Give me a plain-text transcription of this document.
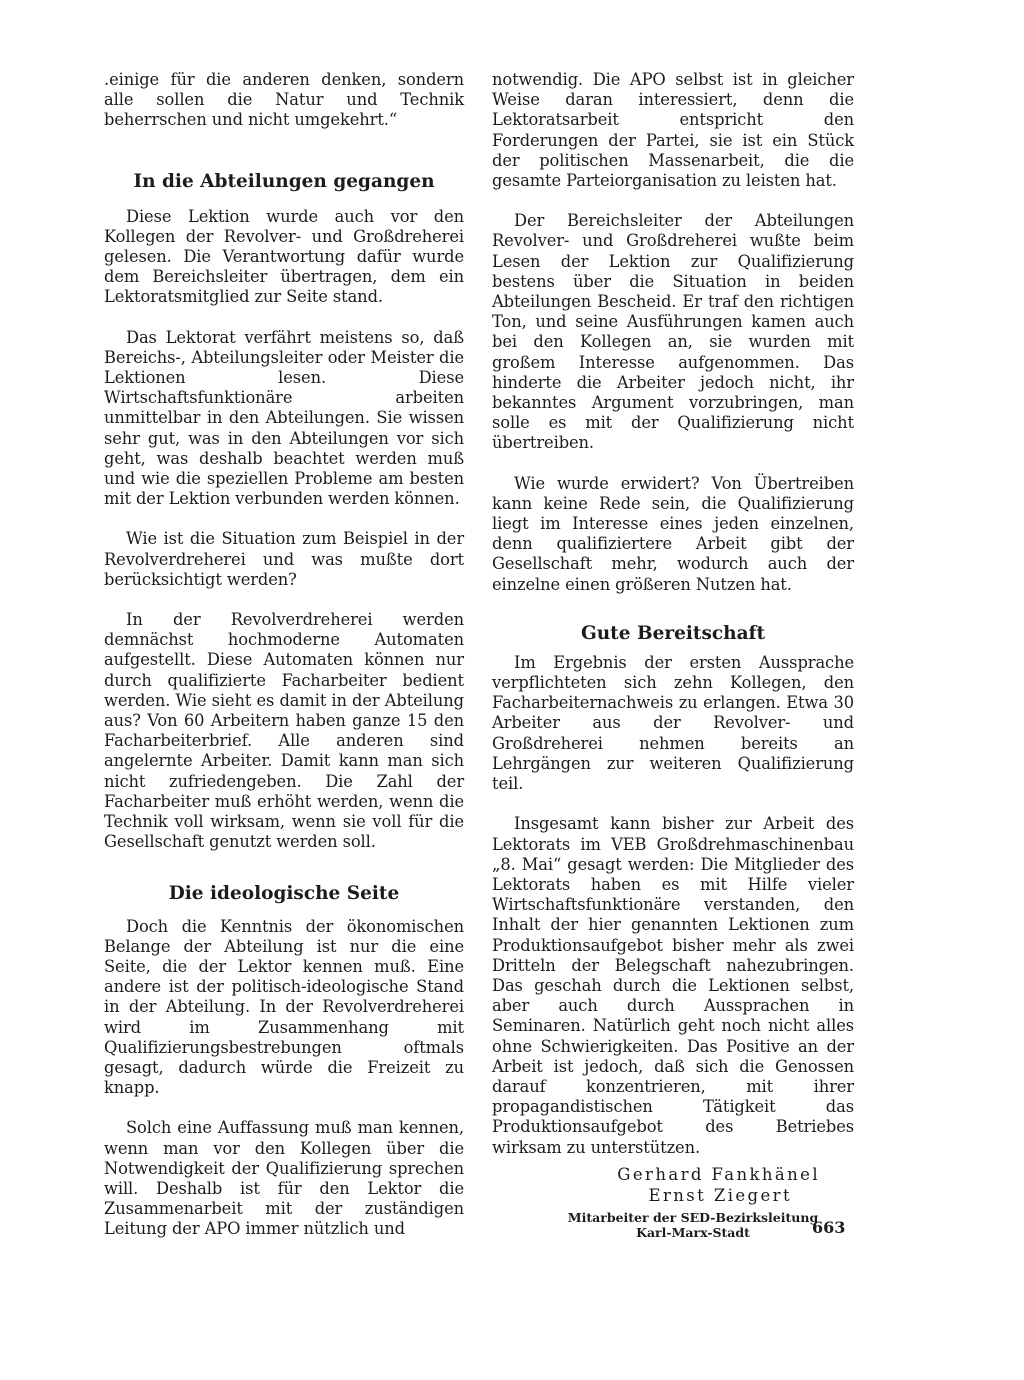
.einige für die anderen denken, sondern alle sollen die Natur und Technik beherrschen und nicht umgekehrt.“

In die Abteilungen gegangen

Diese Lektion wurde auch vor den Kollegen der Revolver- und Großdreherei gelesen. Die Verantwortung dafür wurde dem Bereichsleiter übertragen, dem ein Lektoratsmitglied zur Seite stand.

Das Lektorat verfährt meistens so, daß Bereichs-, Abteilungsleiter oder Meister die Lektionen lesen. Diese Wirtschaftsfunktionäre arbeiten unmittelbar in den Abteilungen. Sie wissen sehr gut, was in den Abteilungen vor sich geht, was deshalb beachtet werden muß und wie die speziellen Probleme am besten mit der Lektion verbunden werden können.

Wie ist die Situation zum Beispiel in der Revolverdreherei und was mußte dort berücksichtigt werden?

In der Revolverdreherei werden demnächst hochmoderne Automaten aufgestellt. Diese Automaten können nur durch qualifizierte Facharbeiter bedient werden. Wie sieht es damit in der Abteilung aus? Von 60 Arbeitern haben ganze 15 den Facharbeiterbrief. Alle anderen sind angelernte Arbeiter. Damit kann man sich nicht zufriedengeben. Die Zahl der Facharbeiter muß erhöht werden, wenn die Technik voll wirksam, wenn sie voll für die Gesellschaft genutzt werden soll.

Die ideologische Seite

Doch die Kenntnis der ökonomischen Belange der Abteilung ist nur die eine Seite, die der Lektor kennen muß. Eine andere ist der politisch-ideologische Stand in der Abteilung. In der Revolverdreherei wird im Zusammenhang mit Qualifizierungsbestrebungen oftmals gesagt, dadurch würde die Freizeit zu knapp.

Solch eine Auffassung muß man kennen, wenn man vor den Kollegen über die Notwendigkeit der Qualifizierung sprechen will. Deshalb ist für den Lektor die Zusammenarbeit mit der zuständigen Leitung der APO immer nützlich und

notwendig. Die APO selbst ist in gleicher Weise daran interessiert, denn die Lektoratsarbeit entspricht den Forderungen der Partei, sie ist ein Stück der politischen Massenarbeit, die die gesamte Parteiorganisation zu leisten hat.

Der Bereichsleiter der Abteilungen Revolver- und Großdreherei wußte beim Lesen der Lektion zur Qualifizierung bestens über die Situation in beiden Abteilungen Bescheid. Er traf den richtigen Ton, und seine Ausführungen kamen auch bei den Kollegen an, sie wurden mit großem Interesse aufgenommen. Das hinderte die Arbeiter jedoch nicht, ihr bekanntes Argument vorzubringen, man solle es mit der Qualifizierung nicht übertreiben.

Wie wurde erwidert? Von Übertreiben kann keine Rede sein, die Qualifizierung liegt im Interesse eines jeden einzelnen, denn qualifiziertere Arbeit gibt der Gesellschaft mehr, wodurch auch der einzelne einen größeren Nutzen hat.

Gute Bereitschaft

Im Ergebnis der ersten Aussprache verpflichteten sich zehn Kollegen, den Facharbeiternachweis zu erlangen. Etwa 30 Arbeiter aus der Revolver- und Großdreherei nehmen bereits an Lehrgängen zur weiteren Qualifizierung teil.

Insgesamt kann bisher zur Arbeit des Lektorats im VEB Großdrehmaschinenbau „8. Mai“ gesagt werden: Die Mitglieder des Lektorats haben es mit Hilfe vieler Wirtschaftsfunktionäre verstanden, den Inhalt der hier genannten Lektionen zum Produktionsaufgebot bisher mehr als zwei Dritteln der Belegschaft nahezubringen. Das geschah durch die Lektionen selbst, aber auch durch Aussprachen in Seminaren. Natürlich geht noch nicht alles ohne Schwierigkeiten. Das Positive an der Arbeit ist jedoch, daß sich die Genossen darauf konzentrieren, mit ihrer propagandistischen Tätigkeit das Produktionsaufgebot des Betriebes wirksam zu unterstützen.

Gerhard Fankhänel

Ernst Ziegert

Mitarbeiter der SED-Bezirksleitung

Karl-Marx-Stadt	663
